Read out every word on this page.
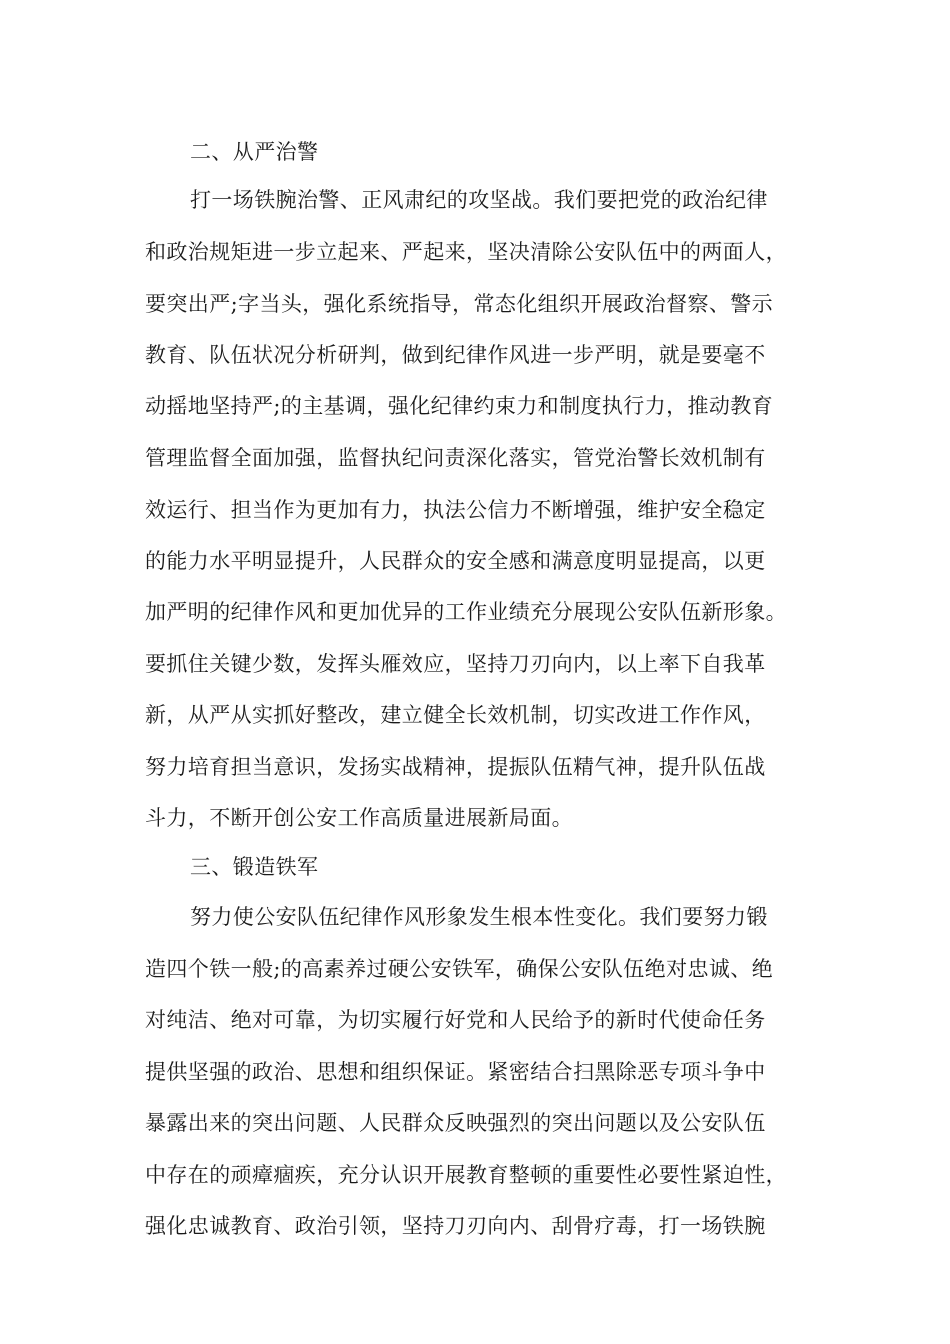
二、从严治警
打一场铁腕治警、正风肃纪的攻坚战。我们要把党的政治纪律
和政治规矩进一步立起来、严起来，坚决清除公安队伍中的两面人，
要突出严;字当头，强化系统指导，常态化组织开展政治督察、警示
教育、队伍状况分析研判，做到纪律作风进一步严明，就是要毫不
动摇地坚持严;的主基调，强化纪律约束力和制度执行力，推动教育
管理监督全面加强，监督执纪问责深化落实，管党治警长效机制有
效运行、担当作为更加有力，执法公信力不断增强，维护安全稳定
的能力水平明显提升，人民群众的安全感和满意度明显提高，以更
加严明的纪律作风和更加优异的工作业绩充分展现公安队伍新形象。
要抓住关键少数，发挥头雁效应，坚持刀刃向内，以上率下自我革
新，从严从实抓好整改，建立健全长效机制，切实改进工作作风，
努力培育担当意识，发扬实战精神，提振队伍精气神，提升队伍战
斗力，不断开创公安工作高质量进展新局面。
三、锻造铁军
努力使公安队伍纪律作风形象发生根本性变化。我们要努力锻
造四个铁一般;的高素养过硬公安铁军，确保公安队伍绝对忠诚、绝
对纯洁、绝对可靠，为切实履行好党和人民给予的新时代使命任务
提供坚强的政治、思想和组织保证。紧密结合扫黑除恶专项斗争中
暴露出来的突出问题、人民群众反映强烈的突出问题以及公安队伍
中存在的顽瘴痼疾，充分认识开展教育整顿的重要性必要性紧迫性，
强化忠诚教育、政治引领，坚持刀刃向内、刮骨疗毒，打一场铁腕
